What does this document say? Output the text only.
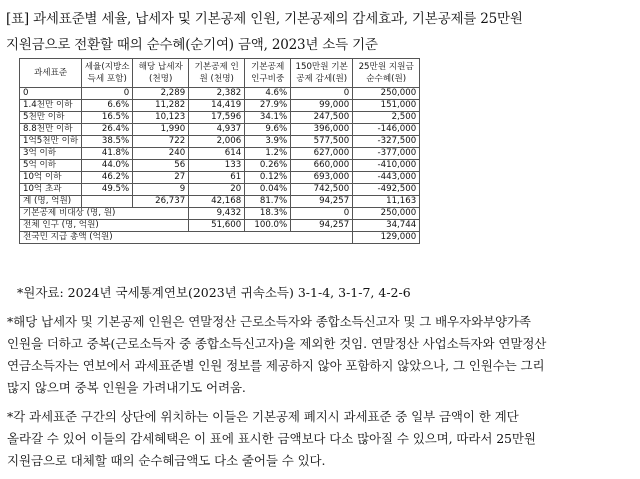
[표] 과세표준별 세율, 납세자 및 기본공제 인원, 기본공제의 감세효과, 기본공제를 25만원
지원금으로 전환할 때의 순수혜(순기여) 금액, 2023년 소득 기준
과세표준	세율(지방소득세 포함)	해당 납세자(천명)	기본공제 인원 (천명)	기본공제 인구비중	150만원 기본 공제 감세(원)	25만원 지원금 순수혜(원)
0	0	2,289	2,382	4.6%	0	250,000
1.4천만 이하	6.6%	11,282	14,419	27.9%	99,000	151,000
5천만 이하	16.5%	10,123	17,596	34.1%	247,500	2,500
8.8천만 이하	26.4%	1,990	4,937	9.6%	396,000	-146,000
1억5천만 이하	38.5%	722	2,006	3.9%	577,500	-327,500
3억 이하	41.8%	240	614	1.2%	627,000	-377,000
5억 이하	44.0%	56	133	0.26%	660,000	-410,000
10억 이하	46.2%	27	61	0.12%	693,000	-443,000
10억 초과	49.5%	9	20	0.04%	742,500	-492,500
계 (명, 억원)		26,737	42,168	81.7%	94,257	11,163
기본공제 비대상 (명, 원)			9,432	18.3%	0	250,000
전체 인구 (명, 억원)			51,600	100.0%	94,257	34,744
전국민 지급 총액 (억원)						129,000
*원자료: 2024년 국세통계연보(2023년 귀속소득) 3-1-4, 3-1-7, 4-2-6

*해당 납세자 및 기본공제 인원은 연말정산 근로소득자와 종합소득신고자 및 그 배우자와부양가족
인원을 더하고 중복(근로소득자 중 종합소득신고자)을 제외한 것임. 연말정산 사업소득자와 연말정산
연금소득자는 연보에서 과세표준별 인원 정보를 제공하지 않아 포함하지 않았으나, 그 인원수는 그리
많지 않으며 중복 인원을 가려내기도 어려움.

*각 과세표준 구간의 상단에 위치하는 이들은 기본공제 폐지시 과세표준 중 일부 금액이 한 계단
올라갈 수 있어 이들의 감세혜택은 이 표에 표시한 금액보다 다소 많아질 수 있으며, 따라서 25만원
지원금으로 대체할 때의 순수혜금액도 다소 줄어들 수 있다.
